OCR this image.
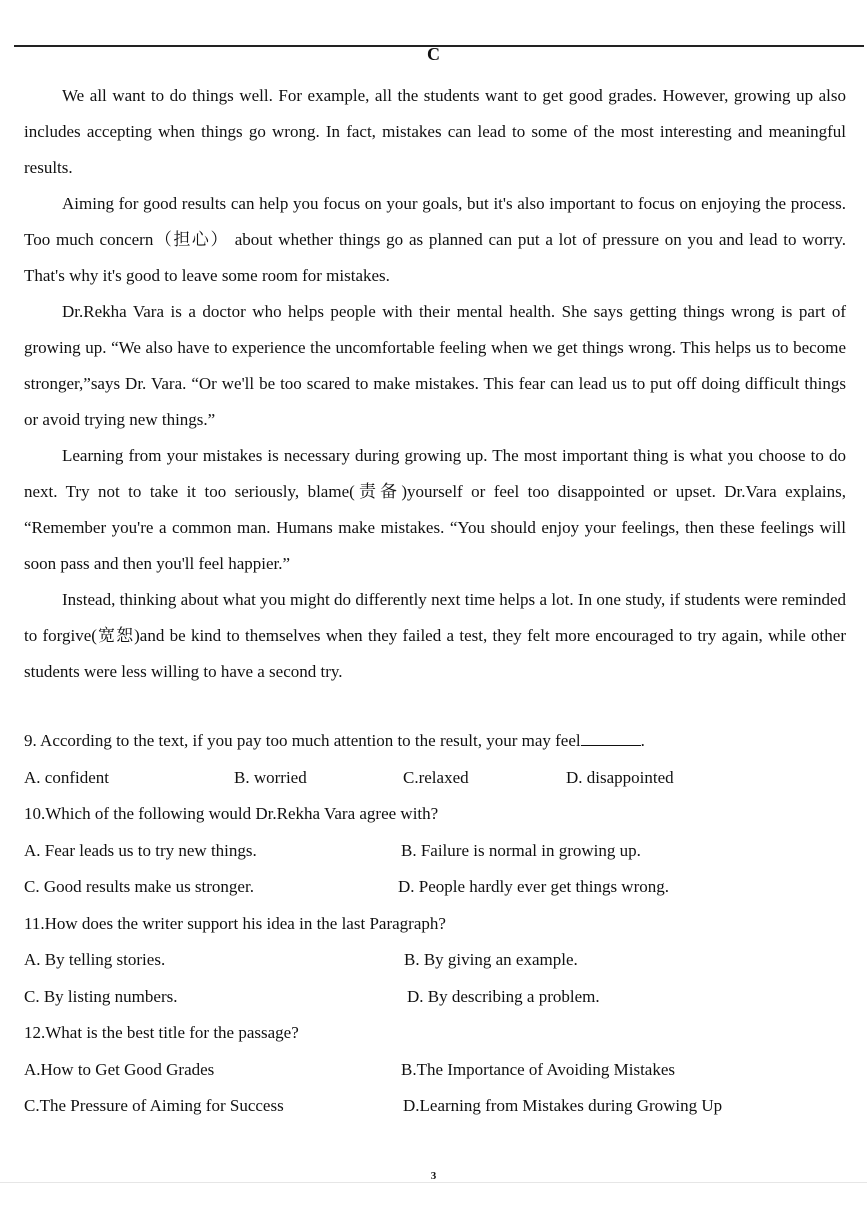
C

We all want to do things well. For example, all the students want to get good grades. However, growing up also includes accepting when things go wrong. In fact, mistakes can lead to some of the most interesting and meaningful results.

Aiming for good results can help you focus on your goals, but it's also important to focus on enjoying the process. Too much concern（担心） about whether things go as planned can put a lot of pressure on you and lead to worry. That's why it's good to leave some room for mistakes.

Dr.Rekha Vara is a doctor who helps people with their mental health. She says getting things wrong is part of growing up. “We also have to experience the uncomfortable feeling when we get things wrong. This helps us to become stronger,”says Dr. Vara. “Or we'll be too scared to make mistakes. This fear can lead us to put off doing difficult things or avoid trying new things.”

Learning from your mistakes is necessary during growing up. The most important thing is what you choose to do next. Try not to take it too seriously, blame(责备)yourself or feel too disappointed or upset. Dr.Vara explains, “Remember you're a common man. Humans make mistakes. “You should enjoy your feelings, then these feelings will soon pass and then you'll feel happier.”

Instead, thinking about what you might do differently next time helps a lot. In one study, if students were reminded to forgive(宽恕)and be kind to themselves when they failed a test, they felt more encouraged to try again, while other students were less willing to have a second try.

9. According to the text, if you pay too much attention to the result, your may feel	.
A. confident	B. worried	C.relaxed	D. disappointed
10.Which of the following would Dr.Rekha Vara agree with?
A. Fear leads us to try new things.	B. Failure is normal in growing up.
C. Good results make us stronger.	D. People hardly ever get things wrong.
11.How does the writer support his idea in the last Paragraph?
A. By telling stories.	B. By giving an example.
C. By listing numbers.	D. By describing a problem.
12.What is the best title for the passage?
A.How to Get Good Grades	B.The Importance of Avoiding Mistakes
C.The Pressure of Aiming for Success	D.Learning from Mistakes during Growing Up
3
